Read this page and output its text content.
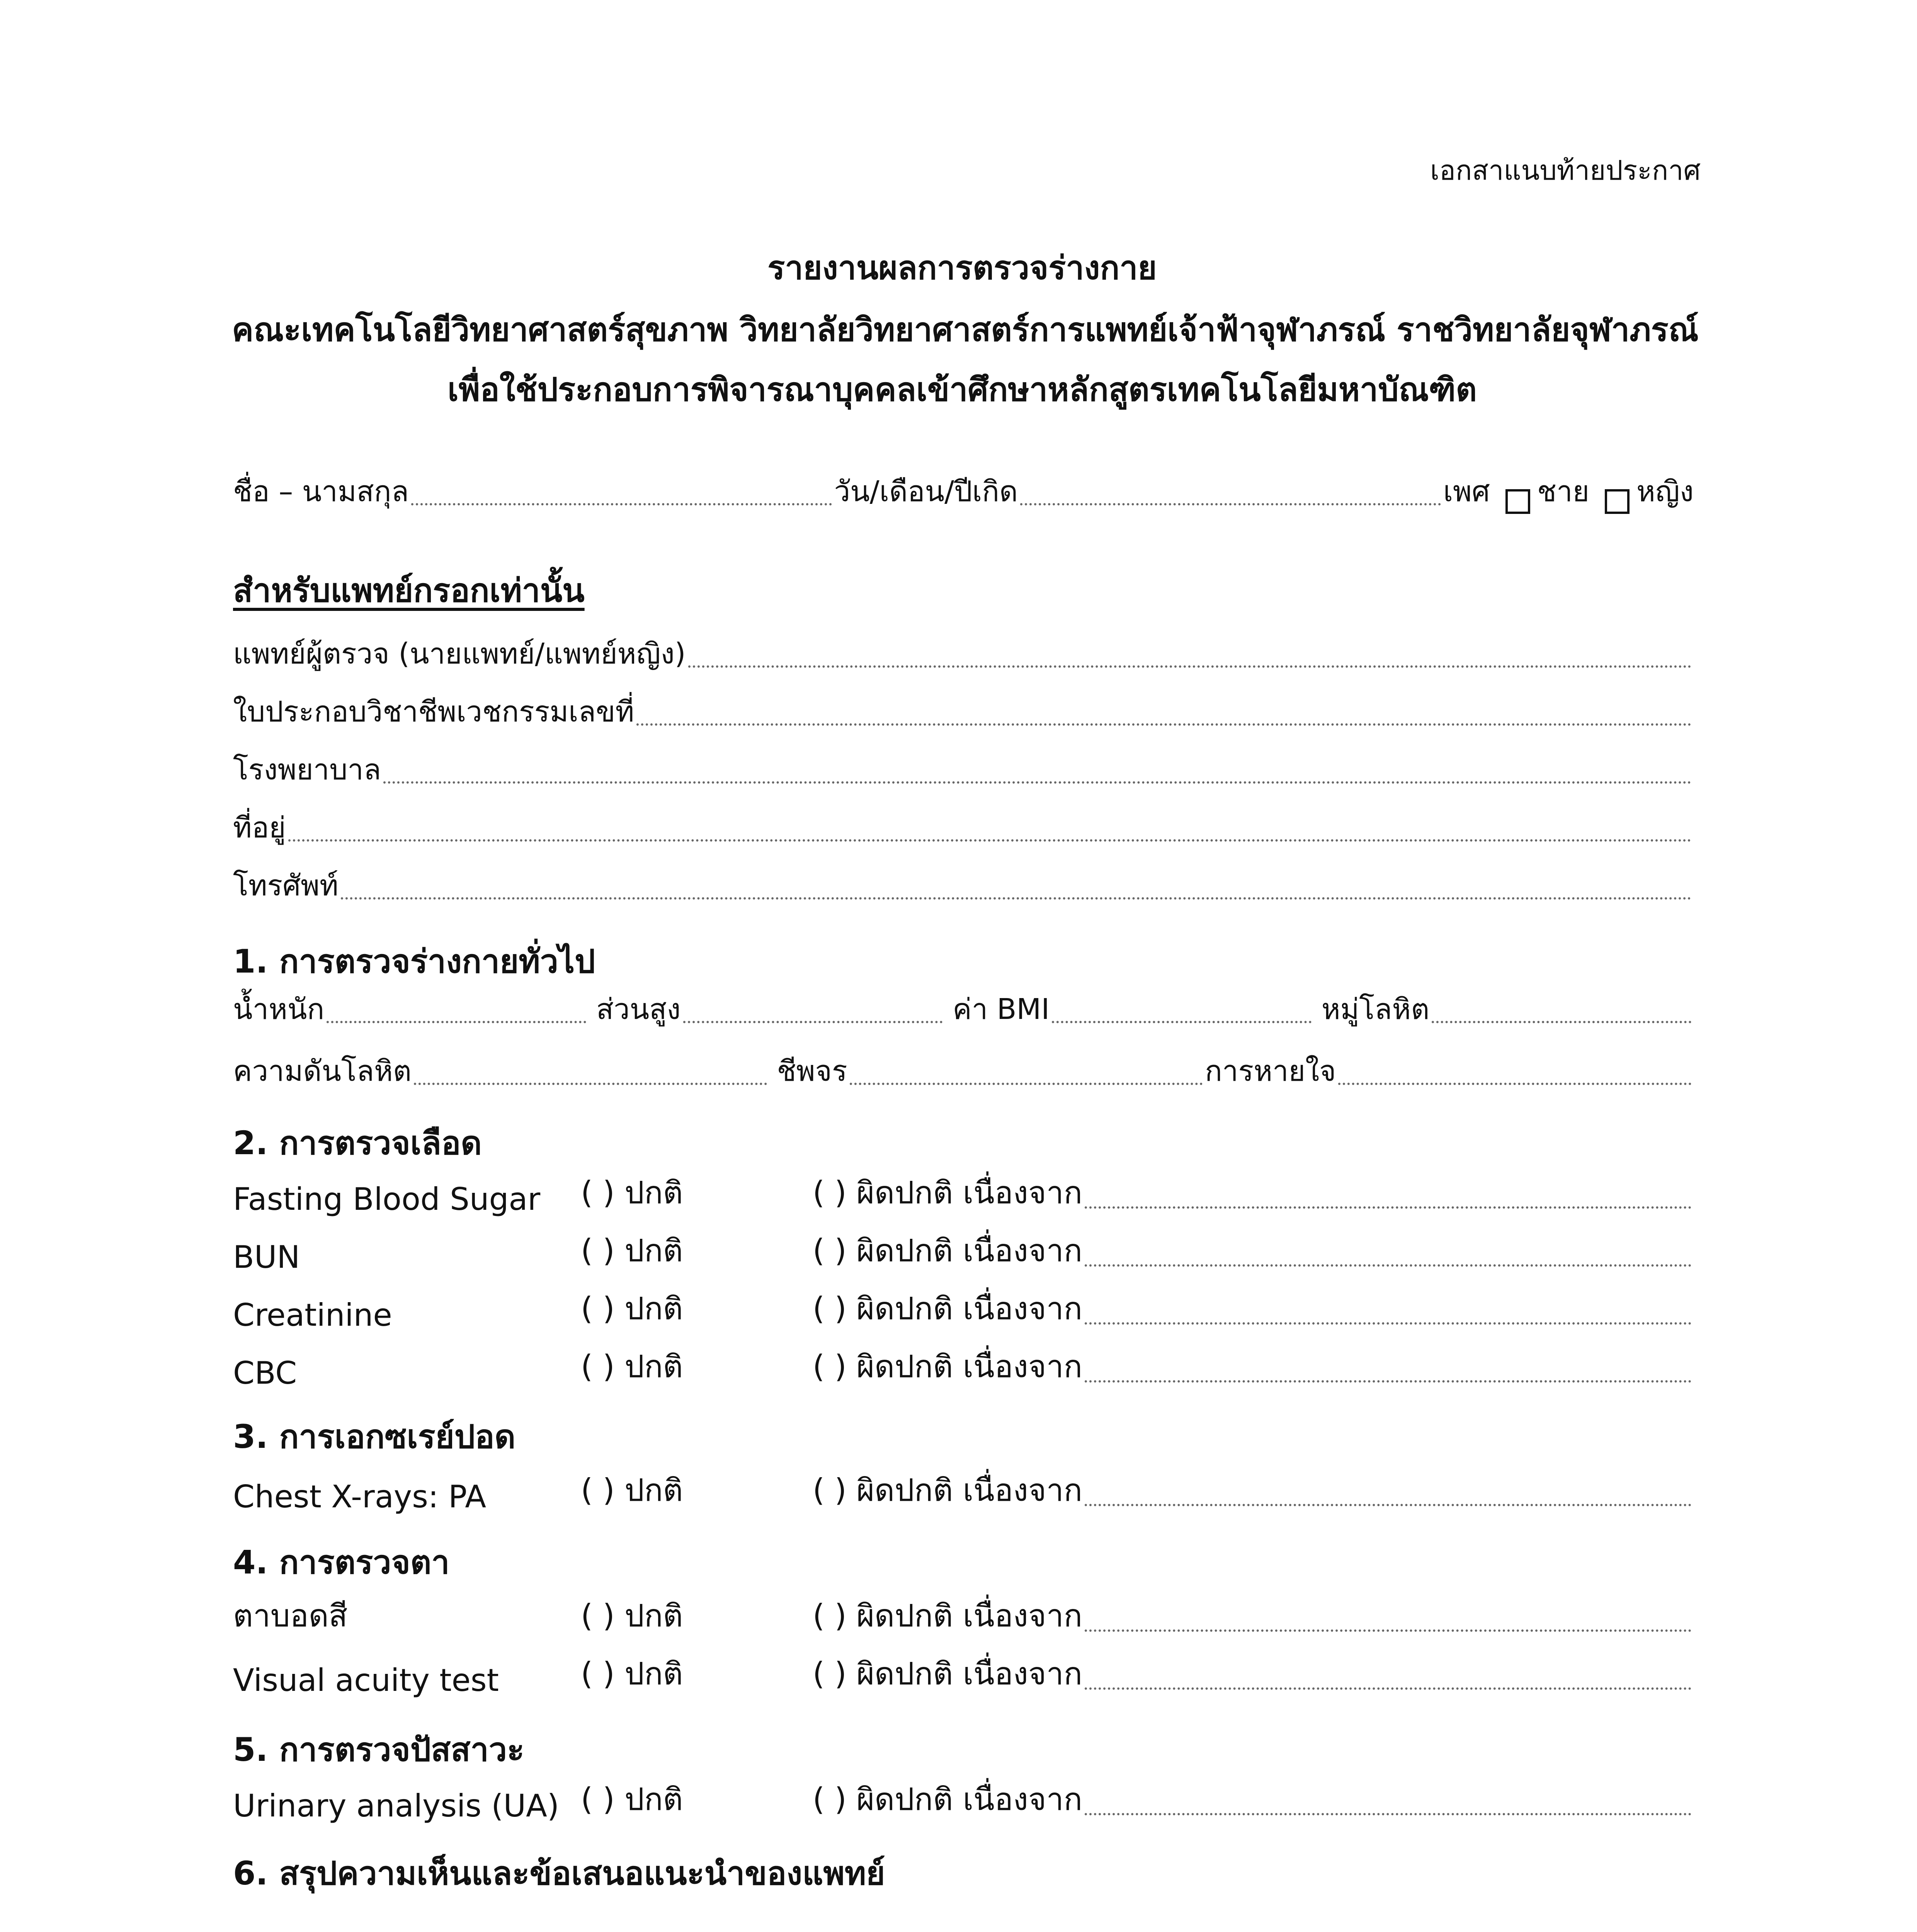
เอกสาแนบท้ายประกาศ
รายงานผลการตรวจร่างกาย
คณะเทคโนโลยีวิทยาศาสตร์สุขภาพ วิทยาลัยวิทยาศาสตร์การแพทย์เจ้าฟ้าจุฬาภรณ์ ราชวิทยาลัยจุฬาภรณ์
เพื่อใช้ประกอบการพิจารณาบุคคลเข้าศึกษาหลักสูตรเทคโนโลยีมหาบัณฑิต
ชื่อ – นามสกุล	วัน/เดือน/ปีเกิด	เพศ ชาย หญิง
สำหรับแพทย์กรอกเท่านั้น
แพทย์ผู้ตรวจ (นายแพทย์/แพทย์หญิง)
ใบประกอบวิชาชีพเวชกรรมเลขที่
โรงพยาบาล
ที่อยู่
โทรศัพท์
1. การตรวจร่างกายทั่วไป
น้ำหนัก	ส่วนสูง	ค่า BMI	หมู่โลหิต
ความดันโลหิต	ชีพจร	การหายใจ
2. การตรวจเลือด
Fasting Blood Sugar	( ) ปกติ	( ) ผิดปกติ เนื่องจาก
BUN	( ) ปกติ	( ) ผิดปกติ เนื่องจาก
Creatinine	( ) ปกติ	( ) ผิดปกติ เนื่องจาก
CBC	( ) ปกติ	( ) ผิดปกติ เนื่องจาก
3. การเอกซเรย์ปอด
Chest X-rays: PA	( ) ปกติ	( ) ผิดปกติ เนื่องจาก
4. การตรวจตา
ตาบอดสี	( ) ปกติ	( ) ผิดปกติ เนื่องจาก
Visual acuity test	( ) ปกติ	( ) ผิดปกติ เนื่องจาก
5. การตรวจปัสสาวะ
Urinary analysis (UA) ( ) ปกติ	( ) ผิดปกติ เนื่องจาก
6. สรุปความเห็นและข้อเสนอแนะนำของแพทย์
